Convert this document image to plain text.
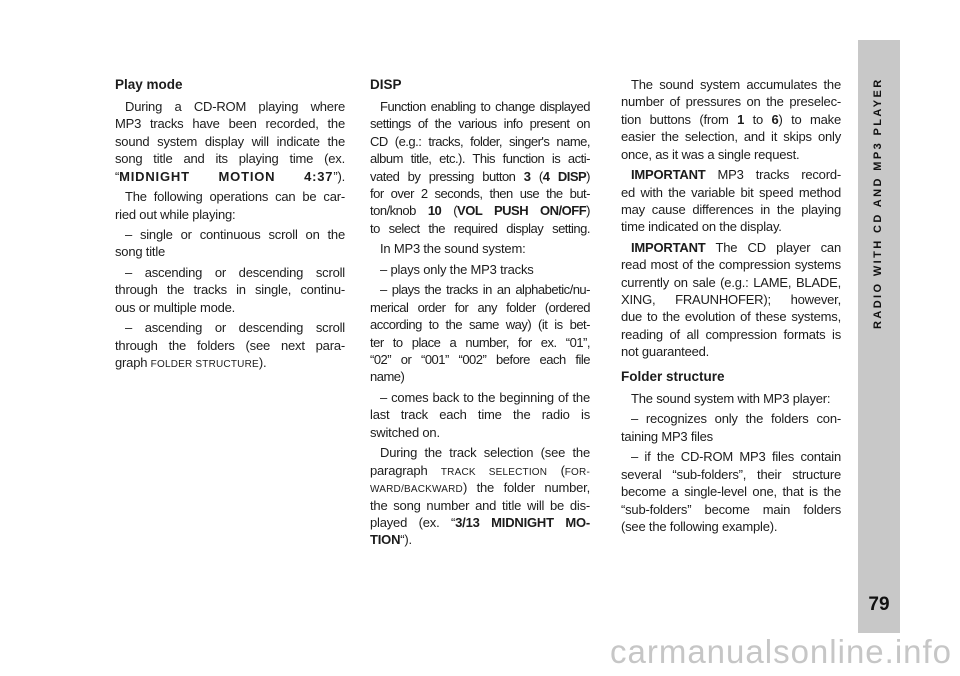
Play mode
During a CD-ROM playing where
MP3 tracks have been recorded, the
sound system display will indicate the
song title and its playing time (ex.
“MIDNIGHT MOTION 4:37”).
The following operations can be car-
ried out while playing:
– single or continuous scroll on the
song title
– ascending or descending scroll
through the tracks in single, continu-
ous or multiple mode.
– ascending or descending scroll
through the folders (see next para-
graph FOLDER STRUCTURE).
DISP
Function enabling to change displayed
settings of the various info present on
CD (e.g.: tracks, folder, singer's name,
album title, etc.). This function is acti-
vated by pressing button 3 (4 DISP)
for over 2 seconds, then use the but-
ton/knob 10 (VOL PUSH ON/OFF)
to select the required display setting.
In MP3 the sound system:
– plays only the MP3 tracks
– plays the tracks in an alphabetic/nu-
merical order for any folder (ordered
according to the same way) (it is bet-
ter to place a number, for ex. “01”,
“02” or “001” “002” before each file
name)
– comes back to the beginning of the
last track each time the radio is
switched on.
During the track selection (see the
paragraph TRACK SELECTION (FOR-
WARD/BACKWARD) the folder number,
the song number and title will be dis-
played (ex. “3/13 MIDNIGHT MO-
TION“).
The sound system accumulates the
number of pressures on the preselec-
tion buttons (from 1 to 6) to make
easier the selection, and it skips only
once, as it was a single request.
IMPORTANT MP3 tracks record-
ed with the variable bit speed method
may cause differences in the playing
time indicated on the display.
IMPORTANT The CD player can
read most of the compression systems
currently on sale (e.g.: LAME, BLADE,
XING, FRAUNHOFER); however,
due to the evolution of these systems,
reading of all compression formats is
not guaranteed.
Folder structure
The sound system with MP3 player:
– recognizes only the folders con-
taining MP3 files
– if the CD-ROM MP3 files contain
several “sub-folders”, their structure
become a single-level one, that is the
“sub-folders” become main folders
(see the following example).
RADIO WITH CD AND MP3 PLAYER
79
carmanualsonline.info
